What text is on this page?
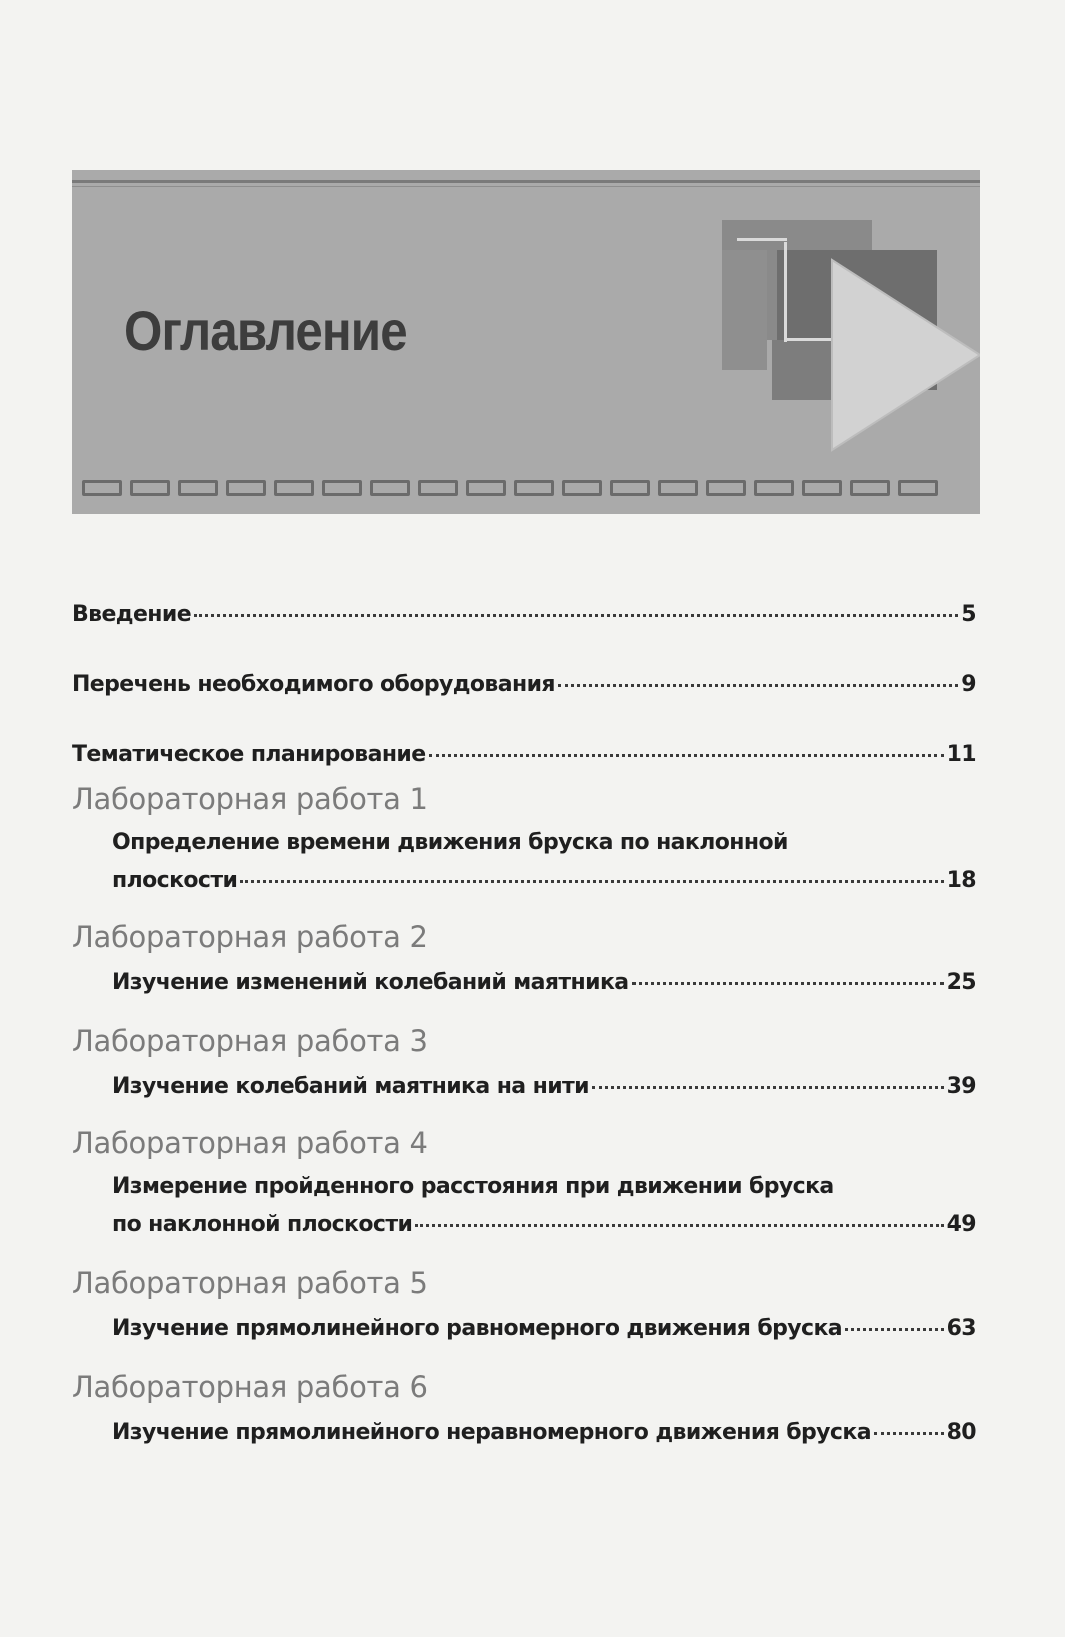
Оглавление
Введение	5
Перечень необходимого оборудования	9
Тематическое планирование	11
Лабораторная работа 1
Определение времени движения бруска по наклонной
плоскости	18
Лабораторная работа 2
Изучение изменений колебаний маятника	25
Лабораторная работа 3
Изучение колебаний маятника на нити	39
Лабораторная работа 4
Измерение пройденного расстояния при движении бруска
по наклонной плоскости	49
Лабораторная работа 5
Изучение прямолинейного равномерного движения бруска	63
Лабораторная работа 6
Изучение прямолинейного неравномерного движения бруска	80
